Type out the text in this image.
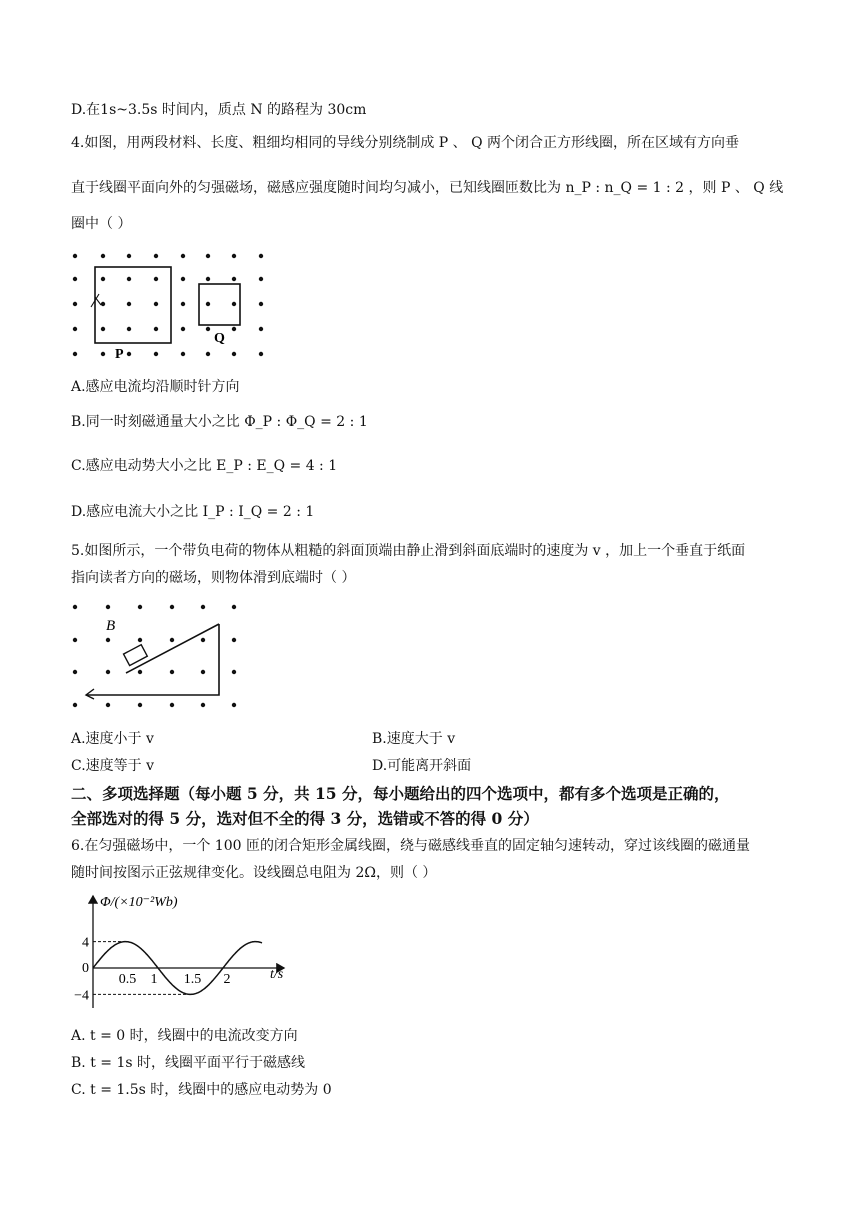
D.在1s~3.5s 时间内，质点 N 的路程为 30cm
4.如图，用两段材料、长度、粗细均相同的导线分别绕制成 P 、 Q 两个闭合正方形线圈，所在区域有方向垂
直于线圈平面向外的匀强磁场，磁感应强度随时间均匀减小，已知线圈匝数比为 n_P : n_Q = 1 : 2 ，则 P 、 Q 线
圈中（ ）
P
Q
A.感应电流均沿顺时针方向
B.同一时刻磁通量大小之比 Φ_P : Φ_Q = 2 : 1
C.感应电动势大小之比 E_P : E_Q = 4 : 1
D.感应电流大小之比 I_P : I_Q = 2 : 1
5.如图所示，一个带负电荷的物体从粗糙的斜面顶端由静止滑到斜面底端时的速度为 v ，加上一个垂直于纸面
指向读者方向的磁场，则物体滑到底端时（ ）
B
A.速度小于 v	B.速度大于 v
C.速度等于 v	D.可能离开斜面
二、多项选择题（每小题 5 分，共 15 分，每小题给出的四个选项中，都有多个选项是正确的，
全部选对的得 5 分，选对但不全的得 3 分，选错或不答的得 0 分）
6.在匀强磁场中，一个 100 匝的闭合矩形金属线圈，绕与磁感线垂直的固定轴匀速转动，穿过该线圈的磁通量
随时间按图示正弦规律变化。设线圈总电阻为 2Ω，则（ ）
Φ/(×10⁻²Wb)
t/s
4
0
−4
0.5 1 1.5 2
A. t = 0 时，线圈中的电流改变方向
B. t = 1s 时，线圈平面平行于磁感线
C. t = 1.5s 时，线圈中的感应电动势为 0
